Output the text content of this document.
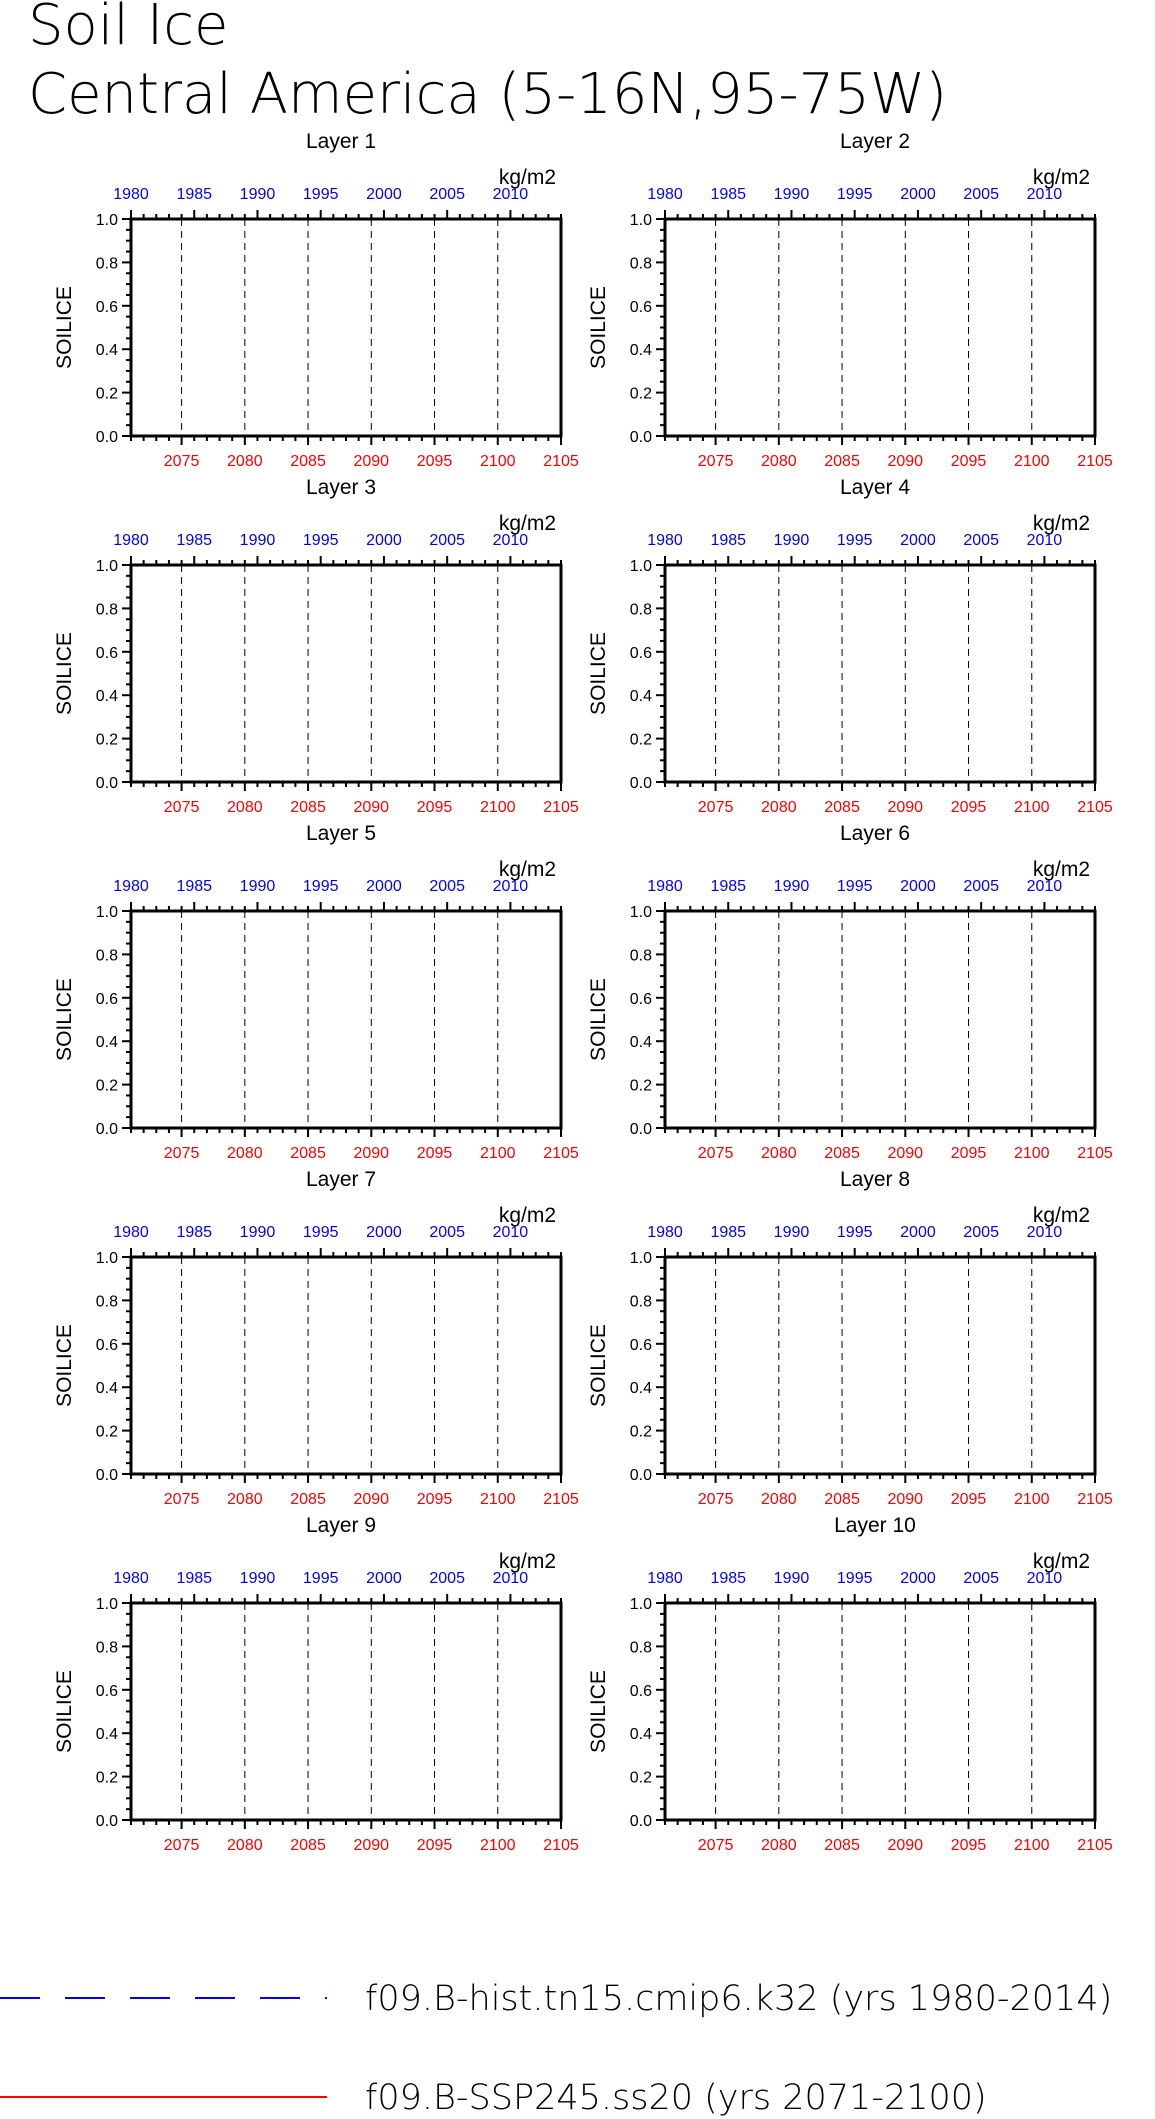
Soil Ice
Central America (5-16N,95-75W)
Layer 1
kg/m2
0.0
0.2
0.4
0.6
0.8
1.0
SOILICE
2075 2080 2085 2090 2095 2100 2105
1980 1985 1990 1995 2000 2005 2010
Layer 2
kg/m2
0.0
0.2
0.4
0.6
0.8
1.0
SOILICE
2075 2080 2085 2090 2095 2100 2105
1980 1985 1990 1995 2000 2005 2010
Layer 3
kg/m2
0.0
0.2
0.4
0.6
0.8
1.0
SOILICE
2075 2080 2085 2090 2095 2100 2105
1980 1985 1990 1995 2000 2005 2010
Layer 4
kg/m2
0.0
0.2
0.4
0.6
0.8
1.0
SOILICE
2075 2080 2085 2090 2095 2100 2105
1980 1985 1990 1995 2000 2005 2010
Layer 5
kg/m2
0.0
0.2
0.4
0.6
0.8
1.0
SOILICE
2075 2080 2085 2090 2095 2100 2105
1980 1985 1990 1995 2000 2005 2010
Layer 6
kg/m2
0.0
0.2
0.4
0.6
0.8
1.0
SOILICE
2075 2080 2085 2090 2095 2100 2105
1980 1985 1990 1995 2000 2005 2010
Layer 7
kg/m2
0.0
0.2
0.4
0.6
0.8
1.0
SOILICE
2075 2080 2085 2090 2095 2100 2105
1980 1985 1990 1995 2000 2005 2010
Layer 8
kg/m2
0.0
0.2
0.4
0.6
0.8
1.0
SOILICE
2075 2080 2085 2090 2095 2100 2105
1980 1985 1990 1995 2000 2005 2010
Layer 9
kg/m2
0.0
0.2
0.4
0.6
0.8
1.0
SOILICE
2075 2080 2085 2090 2095 2100 2105
1980 1985 1990 1995 2000 2005 2010
Layer 10
kg/m2
0.0
0.2
0.4
0.6
0.8
1.0
SOILICE
2075 2080 2085 2090 2095 2100 2105
1980 1985 1990 1995 2000 2005 2010
f09.B-hist.tn15.cmip6.k32 (yrs 1980-2014)
f09.B-SSP245.ss20 (yrs 2071-2100)
